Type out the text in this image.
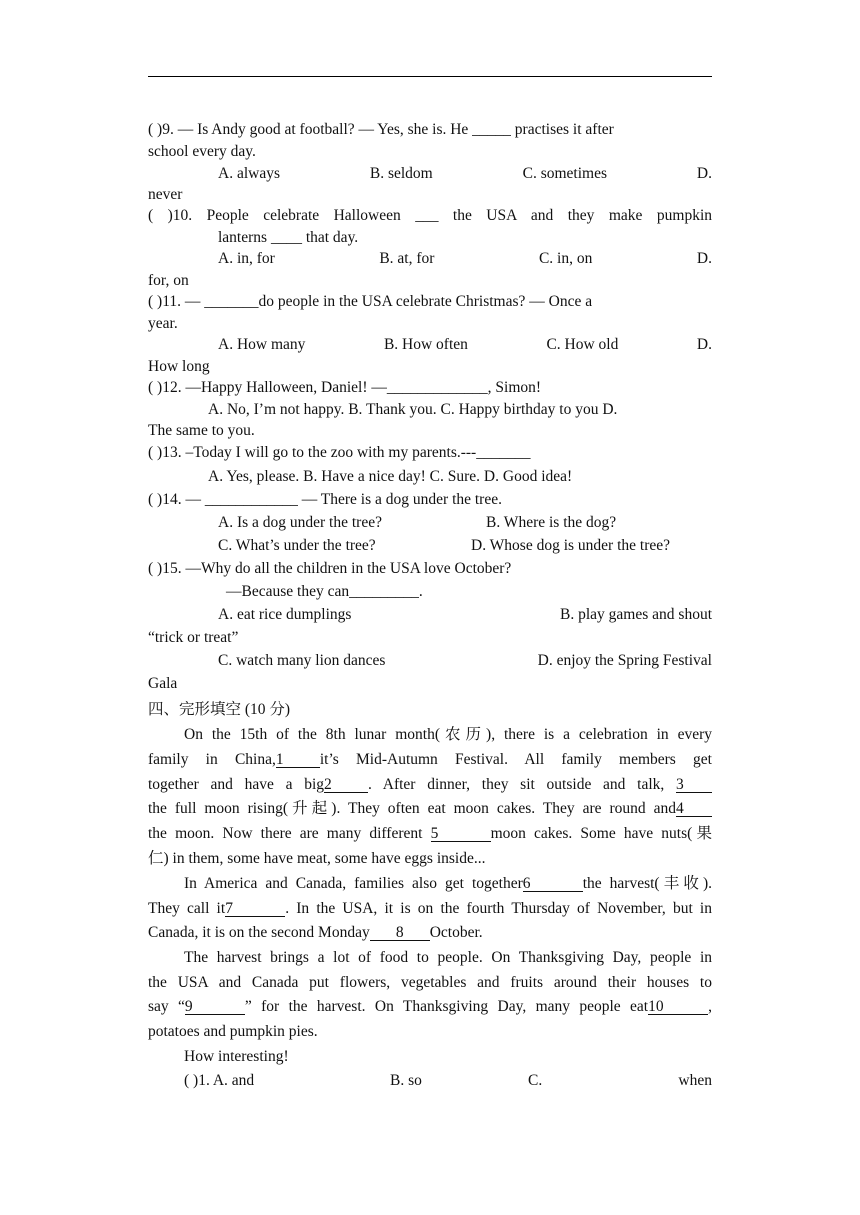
( )9. — Is Andy good at football? — Yes, she is. He _____ practises it after
school every day.
A. always	B. seldom	C. sometimes	D.
never
( )10. People celebrate Halloween ___ the USA and they make pumpkin
lanterns ____ that day.
A. in, for	B. at, for	C. in, on	D.
for, on
( )11. — _______do people in the USA celebrate Christmas? — Once a
year.
A. How many	B. How often	C. How old	D.
How long
( )12. —Happy Halloween, Daniel! —_____________, Simon!
A. No, I’m not happy. B. Thank you. C. Happy birthday to you D.
The same to you.
( )13. –Today I will go to the zoo with my parents.---_______
A. Yes, please. B. Have a nice day! C. Sure. D. Good idea!
( )14. — ____________ — There is a dog under the tree.
A. Is a dog under the tree?	B. Where is the dog?
C. What’s under the tree?	D. Whose dog is under the tree?
( )15. —Why do all the children in the USA love October?
—Because they can_________.
A. eat rice dumplings	B. play games and shout
“trick or treat”
C. watch many lion dances	D. enjoy the Spring Festival
Gala
四、完形填空 (10 分)
On the 15th of the 8th lunar month(农历), there is a celebration in every
family in China,1 it’s Mid-Autumn Festival. All family members get
together and have a big2 . After dinner, they sit outside and talk, 3
the full moon rising(升起). They often eat moon cakes. They are round and4
the moon. Now there are many different 5	moon cakes. Some have nuts(果
仁) in them, some have meat, some have eggs inside...
In America and Canada, families also get together6	the harvest(丰收).
They call it7	. In the USA, it is on the fourth Thursday of November, but in
Canada, it is on the second Monday 8 October.
The harvest brings a lot of food to people. On Thanksgiving Day, people in
the USA and Canada put flowers, vegetables and fruits around their houses to
say “9	” for the harvest. On Thanksgiving Day, many people eat10	,
potatoes and pumpkin pies.
How interesting!
( )1. A. and	B. so	C.	when
